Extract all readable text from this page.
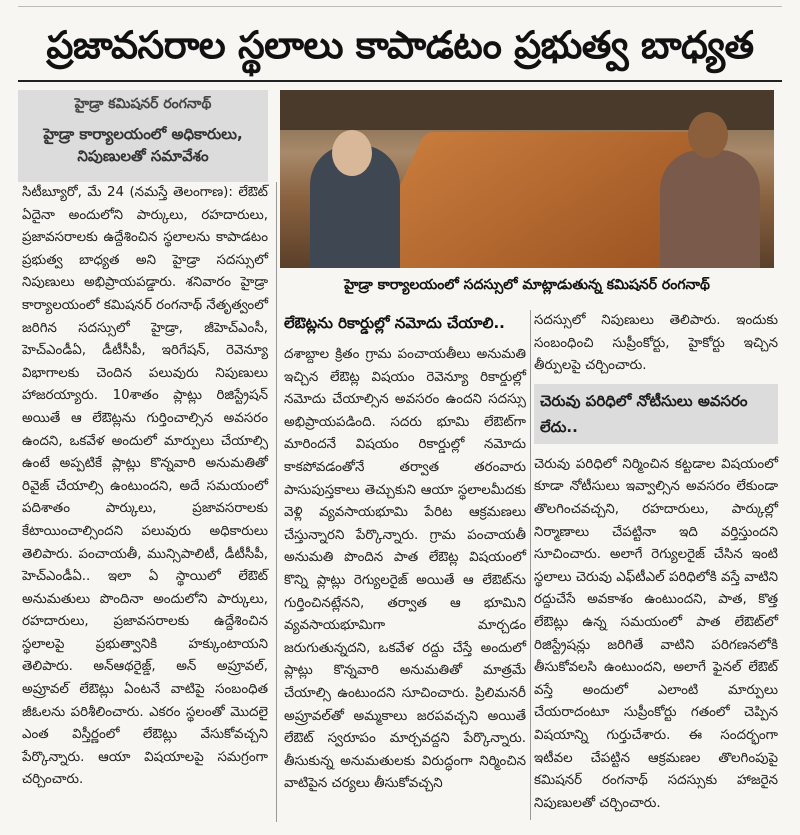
ప్రజావసరాల స్థలాలు కాపాడటం ప్రభుత్వ బాధ్యత
హైడ్రా కమిషనర్ రంగనాథ్
హైడ్రా కార్యాలయంలో అధికారులు, నిపుణులతో సమావేశం
హైడ్రా కార్యాలయంలో సదస్సులో మాట్లాడుతున్న కమిషనర్ రంగనాథ్

సిటీబ్యూరో, మే 24 (నమస్తే తెలంగాణ): లేఔట్ ఏదైనా అందులోని పార్కులు, రహదారులు, ప్రజావసరాలకు ఉద్దేశించిన స్థలాలను కాపాడటం ప్రభుత్వ బాధ్యత అని హైడ్రా సదస్సులో నిపుణులు అభిప్రాయపడ్డారు. శనివారం హైడ్రా కార్యాలయంలో కమిషనర్ రంగనాథ్ నేతృత్వంలో జరిగిన సదస్సులో హైడ్రా, జీహెచ్ఎంసీ, హెచ్ఎండీఏ, డీటీసీపీ, ఇరిగేషన్, రెవెన్యూ విభాగాలకు చెందిన పలువురు నిపుణులు హాజరయ్యారు. 10శాతం ప్లాట్లు రిజిస్ట్రేషన్ అయితే ఆ లేఔట్లను గుర్తించాల్సిన అవసరం ఉందని, ఒకవేళ అందులో మార్పులు చేయాల్సి ఉంటే అప్పటికే ప్లాట్లు కొన్నవారి అనుమతితో రివైజ్ చేయాల్సి ఉంటుందని, అదే సమయంలో పదిశాతం పార్కులు, ప్రజావసరాలకు కేటాయించాల్సిందని పలువురు అధికారులు తెలిపారు. పంచాయతీ, మున్సిపాలిటీ, డీటీసీపీ, హెచ్ఎండీఏ.. ఇలా ఏ స్థాయిలో లేఔట్ అనుమతులు పొందినా అందులోని పార్కులు, రహదారులు, ప్రజావసరాలకు ఉద్దేశించిన స్థలాలపై ప్రభుత్వానికి హక్కుంటాయని తెలిపారు. అన్‌ఆథరైజ్డ్, అన్ అప్రూవల్, అప్రూవల్ లేఔట్లు ఏంటనే వాటిపై సంబంధిత జీఓలను పరిశీలించారు. ఎకరం స్థలంతో మొదలై ఎంత విస్తీర్ణంలో లేఔట్లు వేసుకోవచ్చని పేర్కొన్నారు. ఆయా విషయాలపై సమగ్రంగా చర్చించారు.

లేఔట్లను రికార్డుల్లో నమోదు చేయాలి..

దశాబ్దాల క్రితం గ్రామ పంచాయతీలు అనుమతి ఇచ్చిన లేఔట్ల విషయం రెవెన్యూ రికార్డుల్లో నమోదు చేయాల్సిన అవసరం ఉందని సదస్సు అభిప్రాయపడింది. సదరు భూమి లేఔట్‌గా మారిందనే విషయం రికార్డుల్లో నమోదు కాకపోవడంతోనే తర్వాత తరంవారు పాసుపుస్తకాలు తెచ్చుకుని ఆయా స్థలాలమీదకు వెళ్లి వ్యవసాయభూమి పేరిట ఆక్రమణలు చేస్తున్నారని పేర్కొన్నారు. గ్రామ పంచాయతీ అనుమతి పొందిన పాత లేఔట్ల విషయంలో కొన్ని ప్లాట్లు రెగ్యులరైజ్ అయితే ఆ లేఔట్‌ను గుర్తించినట్లేనని, తర్వాత ఆ భూమిని వ్యవసాయభూమిగా మార్చడం జరుగుతున్నదని, ఒకవేళ రద్దు చేస్తే అందులో ప్లాట్లు కొన్నవారి అనుమతితో మాత్రమే చేయాల్సి ఉంటుందని సూచించారు. ప్రిలిమనరీ అప్రూవల్‌తో అమ్మకాలు జరపవచ్చని అయితే లేఔట్ స్వరూపం మార్చవద్దని పేర్కొన్నారు. తీసుకున్న అనుమతులకు విరుద్ధంగా నిర్మించిన వాటిపైన చర్యలు తీసుకోవచ్చని

సదస్సులో నిపుణులు తెలిపారు. ఇందుకు సంబంధించి సుప్రీంకోర్టు, హైకోర్టు ఇచ్చిన తీర్పులపై చర్చించారు.

చెరువు పరిధిలో నోటీసులు అవసరం లేదు..

చెరువు పరిధిలో నిర్మించిన కట్టడాల విషయంలో కూడా నోటీసులు ఇవ్వాల్సిన అవసరం లేకుండా తొలగించవచ్చని, రహదారులు, పార్కుల్లో నిర్మాణాలు చేపట్టినా ఇది వర్తిస్తుందని సూచించారు. అలాగే రెగ్యులరైజ్ చేసిన ఇంటి స్థలాలు చెరువు ఎఫ్‌టీఎల్ పరిధిలోకి వస్తే వాటిని రద్దుచేసే అవకాశం ఉంటుందని, పాత, కొత్త లేఔట్లు ఉన్న సమయంలో పాత లేఔట్‌లో రిజిస్ట్రేషన్లు జరిగితే వాటిని పరిగణనలోకి తీసుకోవలసి ఉంటుందని, అలాగే ఫైనల్ లేఔట్ వస్తే అందులో ఎలాంటి మార్పులు చేయరాదంటూ సుప్రీంకోర్టు గతంలో చెప్పిన విషయాన్ని గుర్తుచేశారు. ఈ సందర్భంగా ఇటీవల చేపట్టిన ఆక్రమణల తొలగింపుపై కమిషనర్ రంగనాథ్ సదస్సుకు హాజరైన నిపుణులతో చర్చించారు.
